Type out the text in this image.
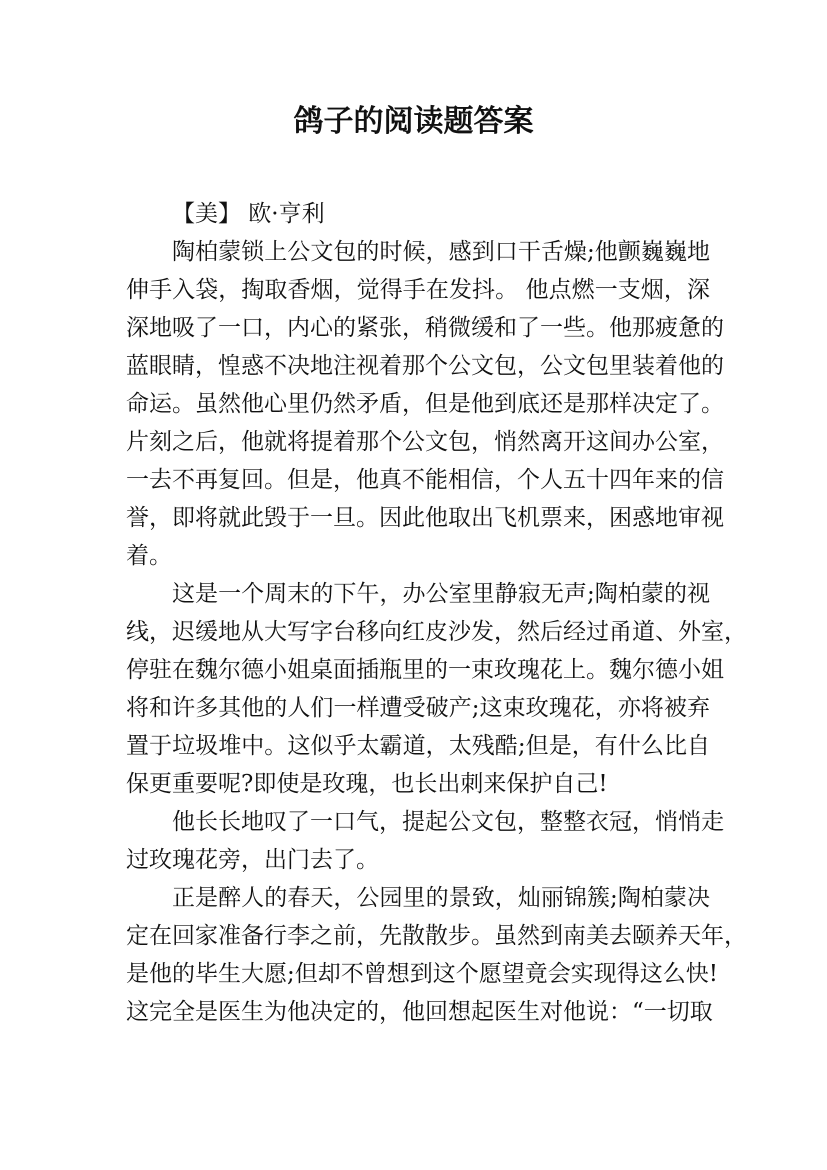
鸽子的阅读题答案
【美】 欧·亨利
陶柏蒙锁上公文包的时候，感到口干舌燥;他颤巍巍地
伸手入袋，掏取香烟，觉得手在发抖。 他点燃一支烟，深
深地吸了一口，内心的紧张，稍微缓和了一些。他那疲惫的
蓝眼睛，惶惑不决地注视着那个公文包，公文包里装着他的
命运。虽然他心里仍然矛盾，但是他到底还是那样决定了。
片刻之后，他就将提着那个公文包，悄然离开这间办公室，
一去不再复回。但是，他真不能相信，个人五十四年来的信
誉，即将就此毁于一旦。因此他取出飞机票来，困惑地审视
着。
这是一个周末的下午，办公室里静寂无声;陶柏蒙的视
线，迟缓地从大写字台移向红皮沙发，然后经过甬道、外室，
停驻在魏尔德小姐桌面插瓶里的一束玫瑰花上。魏尔德小姐
将和许多其他的人们一样遭受破产;这束玫瑰花，亦将被弃
置于垃圾堆中。这似乎太霸道，太残酷;但是，有什么比自
保更重要呢?即使是玫瑰，也长出刺来保护自己!
他长长地叹了一口气，提起公文包，整整衣冠，悄悄走
过玫瑰花旁，出门去了。
正是醉人的春天，公园里的景致，灿丽锦簇;陶柏蒙决
定在回家准备行李之前，先散散步。虽然到南美去颐养天年，
是他的毕生大愿;但却不曾想到这个愿望竟会实现得这么快!
这完全是医生为他决定的，他回想起医生对他说：“一切取
